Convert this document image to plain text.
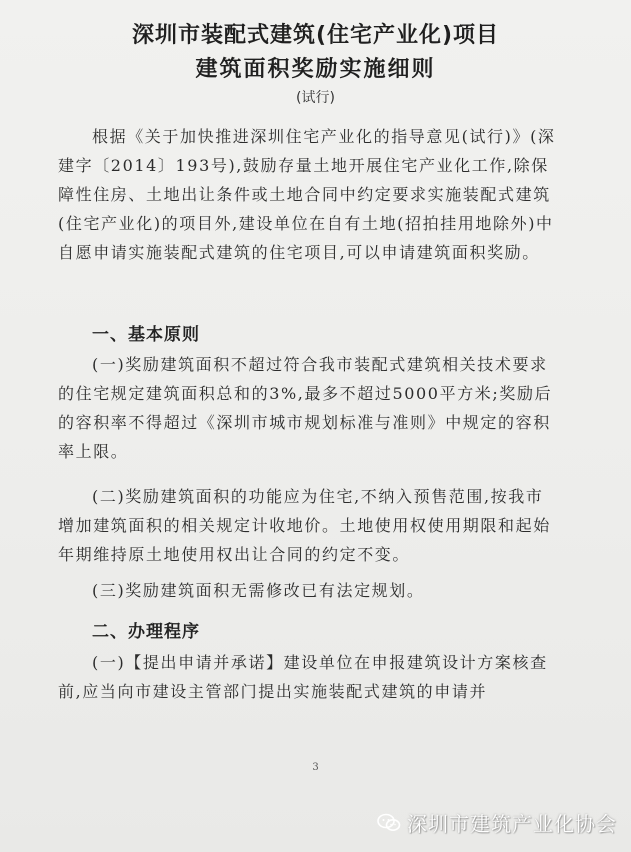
深圳市装配式建筑(住宅产业化)项目
建筑面积奖励实施细则
(试行)
根据《关于加快推进深圳住宅产业化的指导意见(试行)》(深建字〔2014〕193号),鼓励存量土地开展住宅产业化工作,除保障性住房、土地出让条件或土地合同中约定要求实施装配式建筑(住宅产业化)的项目外,建设单位在自有土地(招拍挂用地除外)中自愿申请实施装配式建筑的住宅项目,可以申请建筑面积奖励。
一、基本原则
(一)奖励建筑面积不超过符合我市装配式建筑相关技术要求的住宅规定建筑面积总和的3%,最多不超过5000平方米;奖励后的容积率不得超过《深圳市城市规划标准与准则》中规定的容积率上限。
(二)奖励建筑面积的功能应为住宅,不纳入预售范围,按我市增加建筑面积的相关规定计收地价。土地使用权使用期限和起始年期维持原土地使用权出让合同的约定不变。
(三)奖励建筑面积无需修改已有法定规划。
二、办理程序
(一)【提出申请并承诺】建设单位在申报建筑设计方案核查前,应当向市建设主管部门提出实施装配式建筑的申请并
3
深圳市建筑产业化协会
